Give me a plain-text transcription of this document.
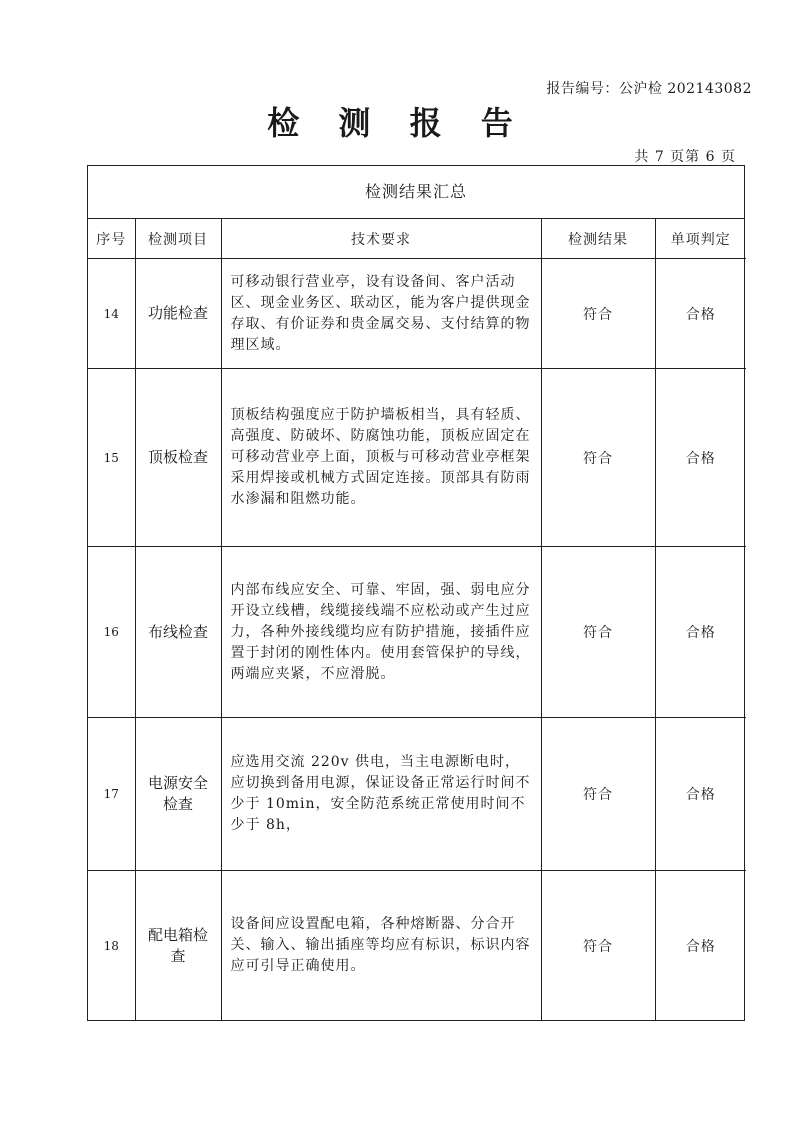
报告编号：公沪检 202143082
检 测 报 告
共 7 页第 6 页
检测结果汇总
序号	检测项目	技术要求	检测结果	单项判定
14	功能检查	可移动银行营业亭，设有设备间、客户活动区、现金业务区、联动区，能为客户提供现金存取、有价证券和贵金属交易、支付结算的物理区域。	符合	合格
15	顶板检查	顶板结构强度应于防护墙板相当，具有轻质、高强度、防破坏、防腐蚀功能，顶板应固定在可移动营业亭上面，顶板与可移动营业亭框架采用焊接或机械方式固定连接。顶部具有防雨水渗漏和阻燃功能。	符合	合格
16	布线检查	内部布线应安全、可靠、牢固，强、弱电应分开设立线槽，线缆接线端不应松动或产生过应力，各种外接线缆均应有防护措施，接插件应置于封闭的刚性体内。使用套管保护的导线，两端应夹紧，不应滑脱。	符合	合格
17	电源安全检查	应选用交流 220v 供电，当主电源断电时，应切换到备用电源，保证设备正常运行时间不少于 10min，安全防范系统正常使用时间不少于 8h，	符合	合格
18	配电箱检查	设备间应设置配电箱，各种熔断器、分合开关、输入、输出插座等均应有标识，标识内容应可引导正确使用。	符合	合格
